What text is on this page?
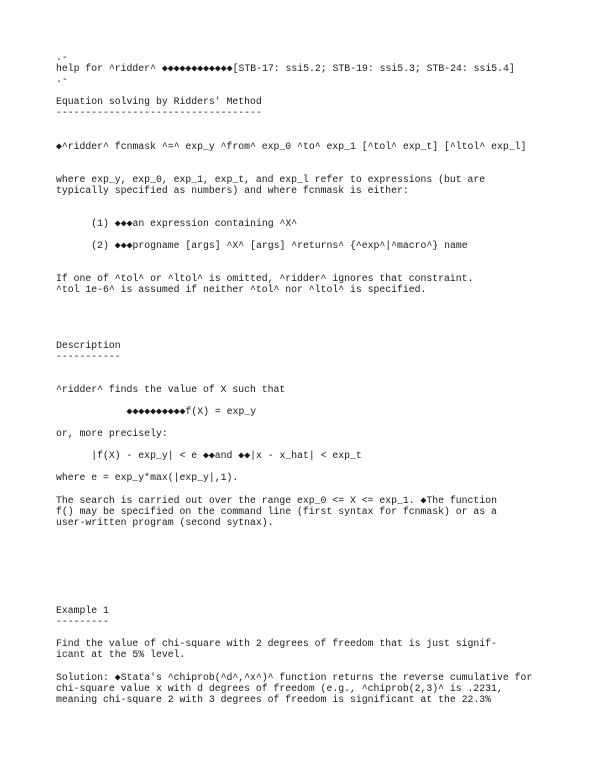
.-
help for ^ridder^ ◆◆◆◆◆◆◆◆◆◆◆◆[STB-17: ssi5.2; STB-19: ssi5.3; STB-24: ssi5.4]
.-
Equation solving by Ridders' Method
-----------------------------------
◆^ridder^ fcnmask ^=^ exp_y ^from^ exp_0 ^to^ exp_1 [^tol^ exp_t] [^ltol^ exp_l]
where exp_y, exp_0, exp_1, exp_t, and exp_l refer to expressions (but are
typically specified as numbers) and where fcnmask is either:
(1) ◆◆◆an expression containing ^X^
(2) ◆◆◆progname [args] ^X^ [args] ^returns^ {^exp^|^macro^} name
If one of ^tol^ or ^ltol^ is omitted, ^ridder^ ignores that constraint.
^tol 1e-6^ is assumed if neither ^tol^ nor ^ltol^ is specified.
Description
-----------
^ridder^ finds the value of X such that
◆◆◆◆◆◆◆◆◆◆f(X) = exp_y
or, more precisely:
|f(X) - exp_y| < e ◆◆and ◆◆|x - x_hat| < exp_t
where e = exp_y*max(|exp_y|,1).
The search is carried out over the range exp_0 <= X <= exp_1. ◆The function
f() may be specified on the command line (first syntax for fcnmask) or as a
user-written program (second sytnax).
Example 1
---------
Find the value of chi-square with 2 degrees of freedom that is just signif-
icant at the 5% level.
Solution: ◆Stata's ^chiprob(^d^,^x^)^ function returns the reverse cumulative for
chi-square value x with d degrees of freedom (e.g., ^chiprob(2,3)^ is .2231,
meaning chi-square 2 with 3 degrees of freedom is significant at the 22.3%
